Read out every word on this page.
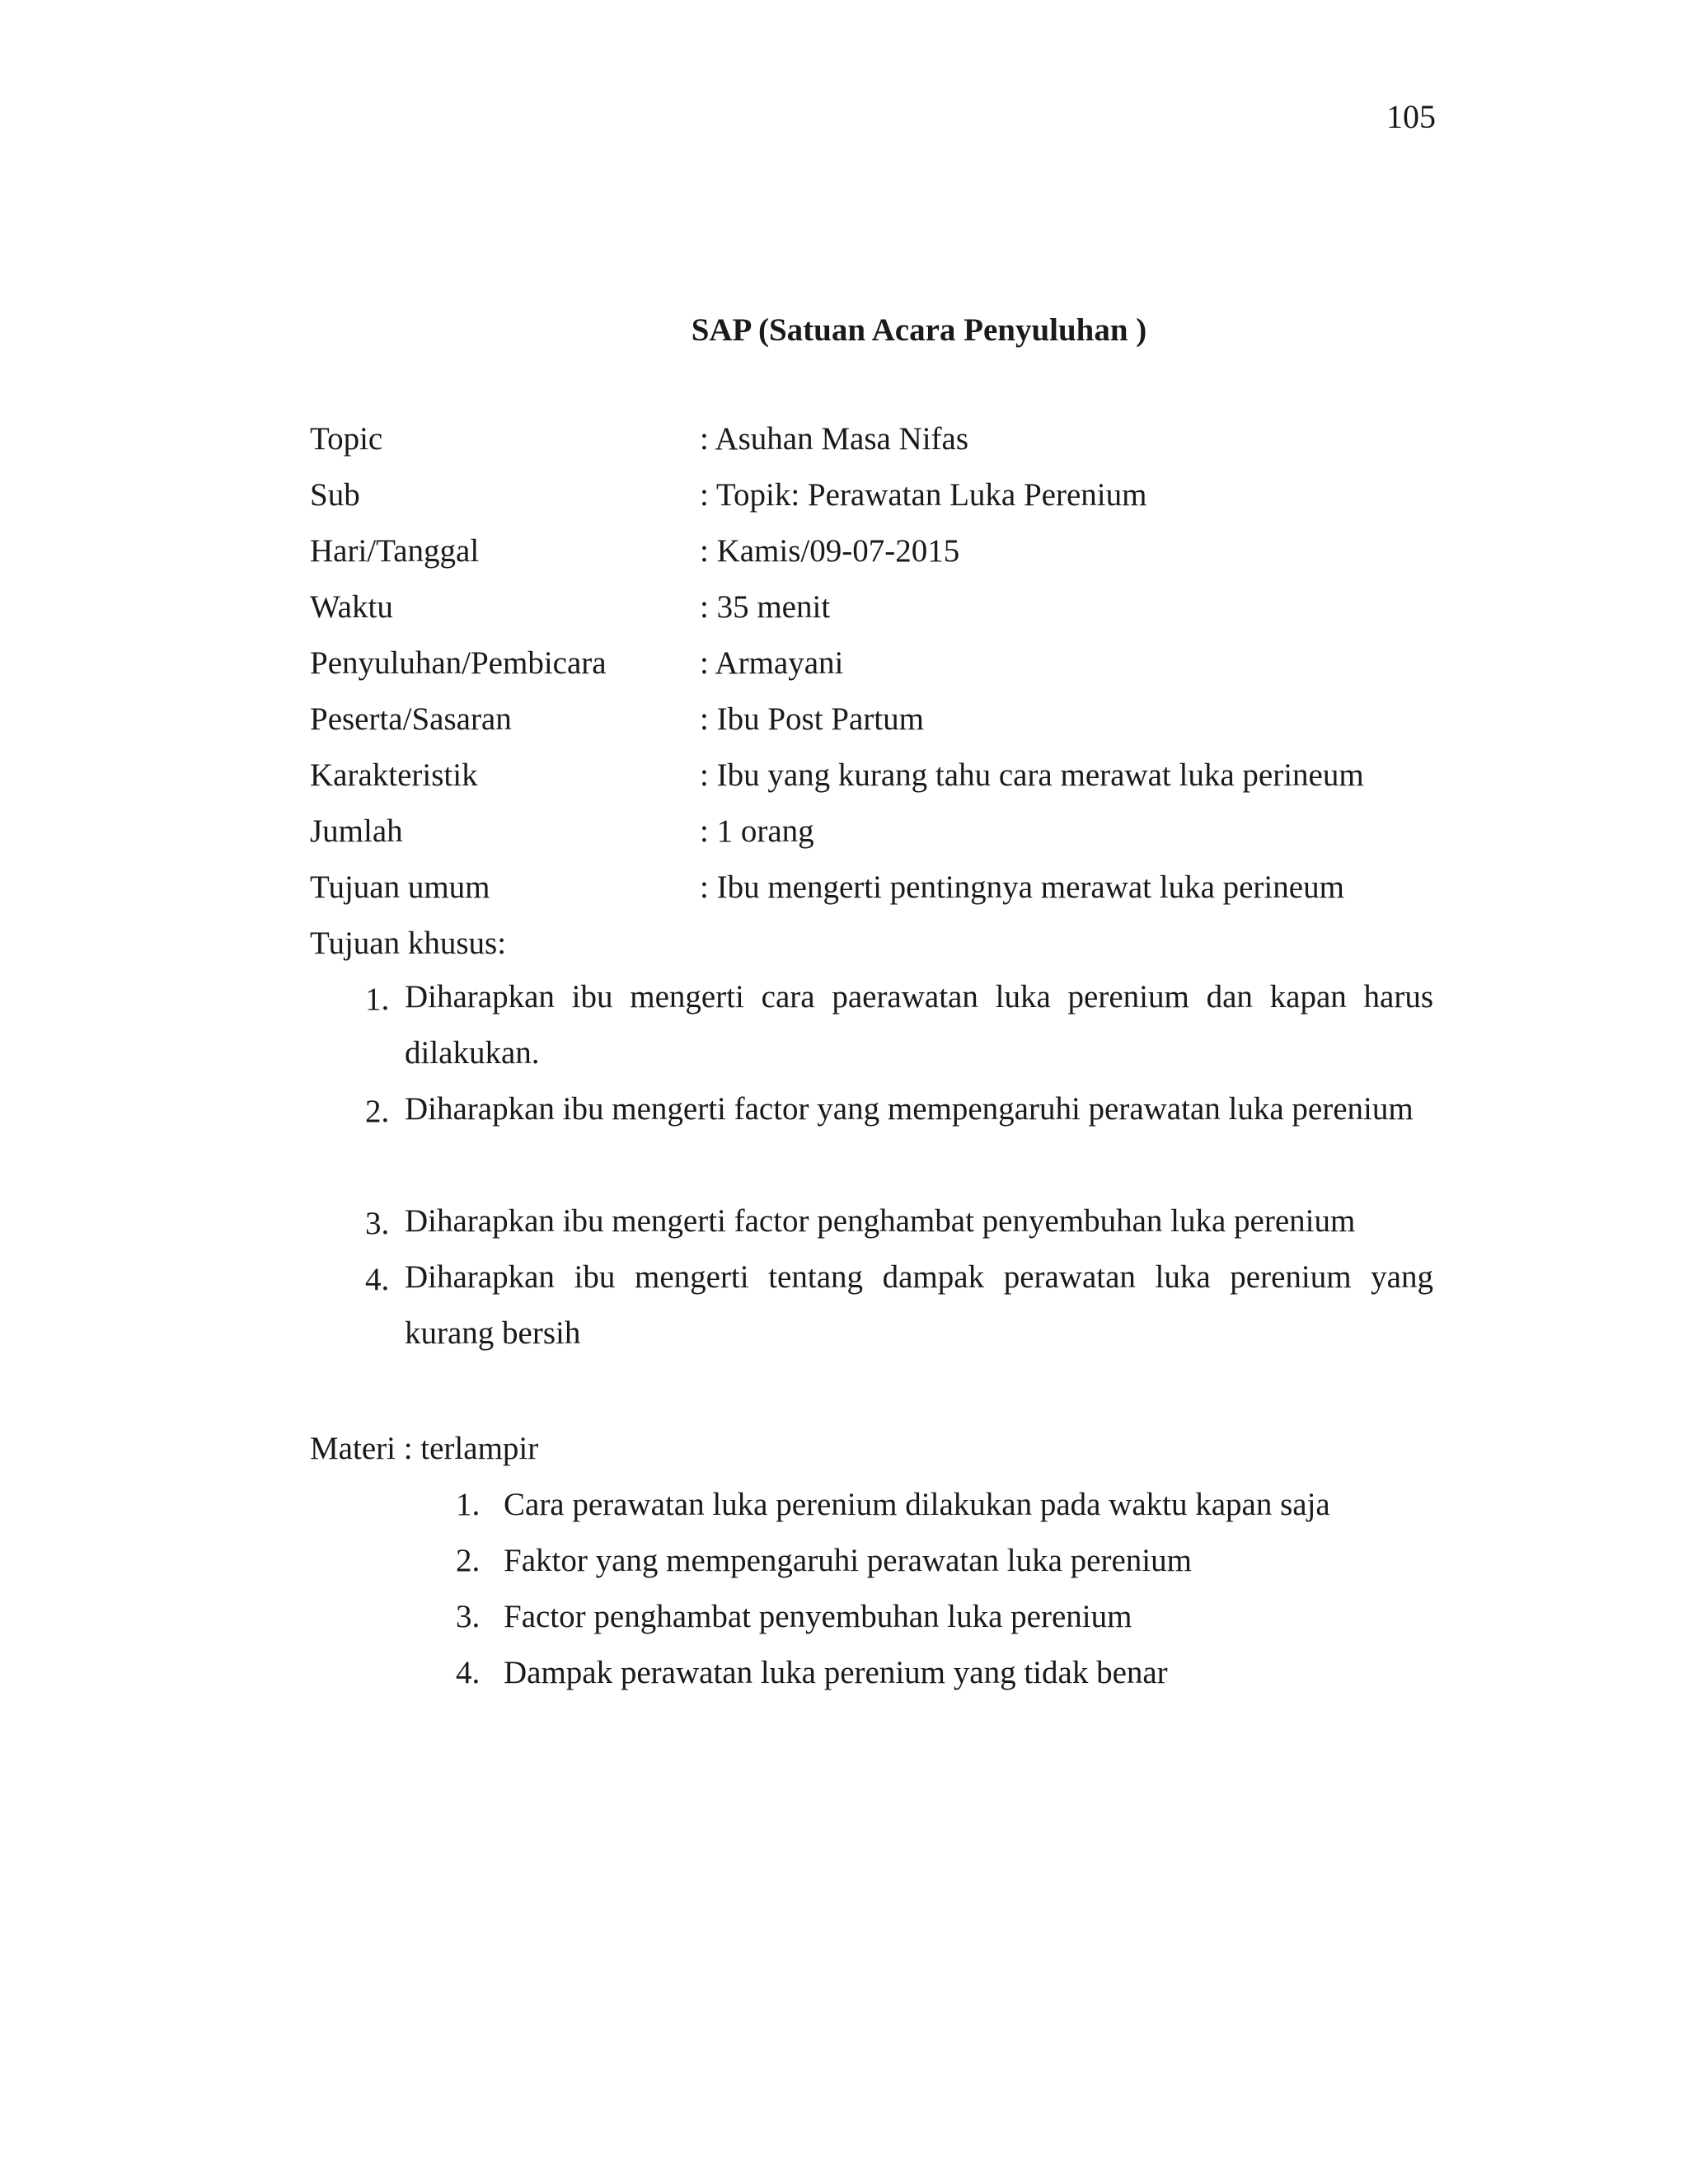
105
SAP (Satuan Acara Penyuluhan )
Topic	: Asuhan Masa Nifas
Sub	: Topik: Perawatan Luka Perenium
Hari/Tanggal	: Kamis/09-07-2015
Waktu	: 35 menit
Penyuluhan/Pembicara	: Armayani
Peserta/Sasaran	: Ibu Post Partum
Karakteristik	: Ibu yang kurang tahu cara merawat luka perineum
Jumlah	: 1 orang
Tujuan umum	: Ibu mengerti pentingnya merawat luka perineum
Tujuan khusus:
1. Diharapkan ibu mengerti cara paerawatan luka perenium dan kapan harus dilakukan.
2. Diharapkan ibu mengerti factor yang mempengaruhi perawatan luka perenium
3. Diharapkan ibu mengerti factor penghambat penyembuhan luka perenium
4. Diharapkan ibu mengerti tentang dampak perawatan luka perenium yang kurang bersih
Materi : terlampir
1. Cara perawatan luka perenium dilakukan pada waktu kapan saja
2. Faktor yang mempengaruhi perawatan luka perenium
3. Factor penghambat penyembuhan luka perenium
4. Dampak perawatan luka perenium yang tidak benar
